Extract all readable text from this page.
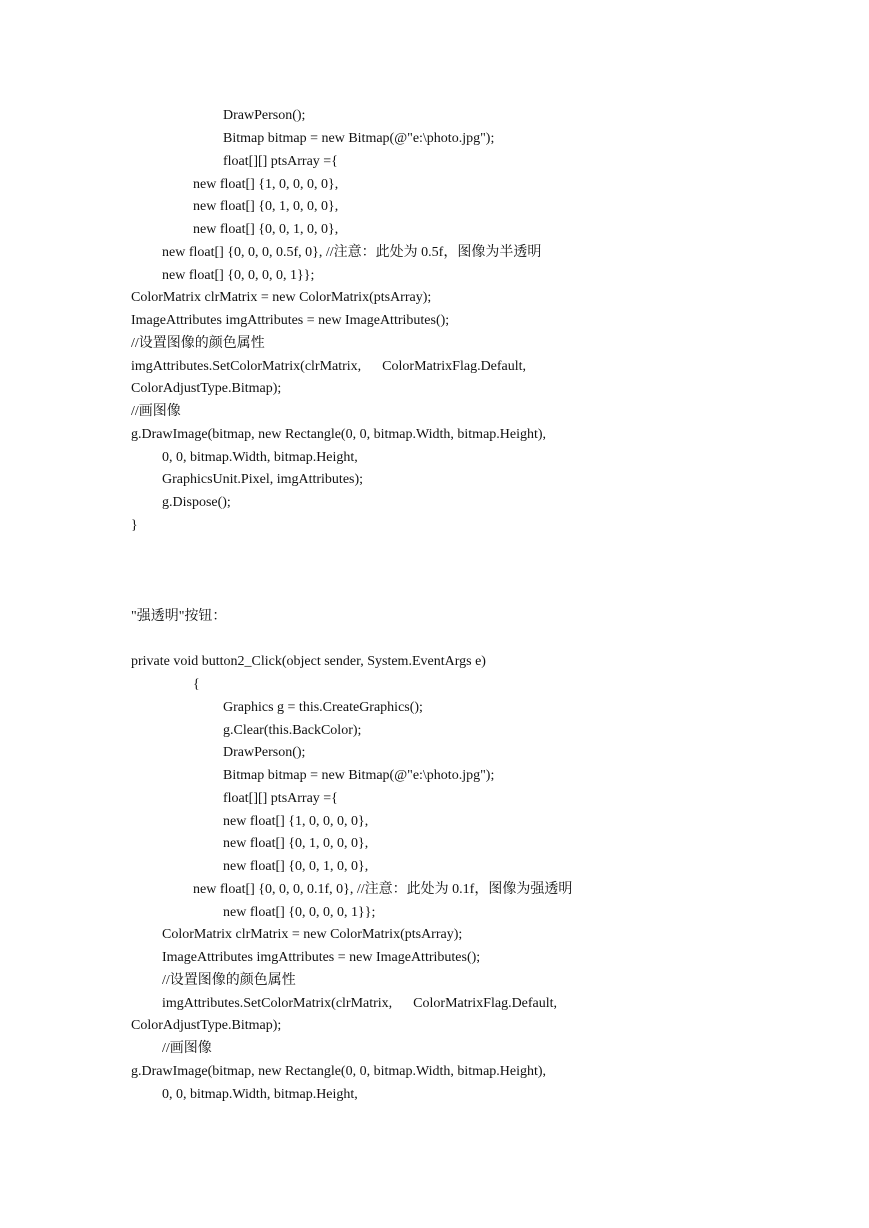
DrawPerson();
Bitmap bitmap = new Bitmap(@"e:\photo.jpg");
float[][] ptsArray ={
new float[] {1, 0, 0, 0, 0},
new float[] {0, 1, 0, 0, 0},
new float[] {0, 0, 1, 0, 0},
new float[] {0, 0, 0, 0.5f, 0}, //注意：此处为 0.5f，图像为半透明
new float[] {0, 0, 0, 0, 1}};
ColorMatrix clrMatrix = new ColorMatrix(ptsArray);
ImageAttributes imgAttributes = new ImageAttributes();
//设置图像的颜色属性
imgAttributes.SetColorMatrix(clrMatrix,      ColorMatrixFlag.Default,
ColorAdjustType.Bitmap);
//画图像
g.DrawImage(bitmap, new Rectangle(0, 0, bitmap.Width, bitmap.Height),
0, 0, bitmap.Width, bitmap.Height,
GraphicsUnit.Pixel, imgAttributes);
g.Dispose();
}
"强透明"按钮：
private void button2_Click(object sender, System.EventArgs e)
{
Graphics g = this.CreateGraphics();
g.Clear(this.BackColor);
DrawPerson();
Bitmap bitmap = new Bitmap(@"e:\photo.jpg");
float[][] ptsArray ={
new float[] {1, 0, 0, 0, 0},
new float[] {0, 1, 0, 0, 0},
new float[] {0, 0, 1, 0, 0},
new float[] {0, 0, 0, 0.1f, 0}, //注意：此处为 0.1f，图像为强透明
new float[] {0, 0, 0, 0, 1}};
ColorMatrix clrMatrix = new ColorMatrix(ptsArray);
ImageAttributes imgAttributes = new ImageAttributes();
//设置图像的颜色属性
imgAttributes.SetColorMatrix(clrMatrix,      ColorMatrixFlag.Default,
ColorAdjustType.Bitmap);
//画图像
g.DrawImage(bitmap, new Rectangle(0, 0, bitmap.Width, bitmap.Height),
0, 0, bitmap.Width, bitmap.Height,
